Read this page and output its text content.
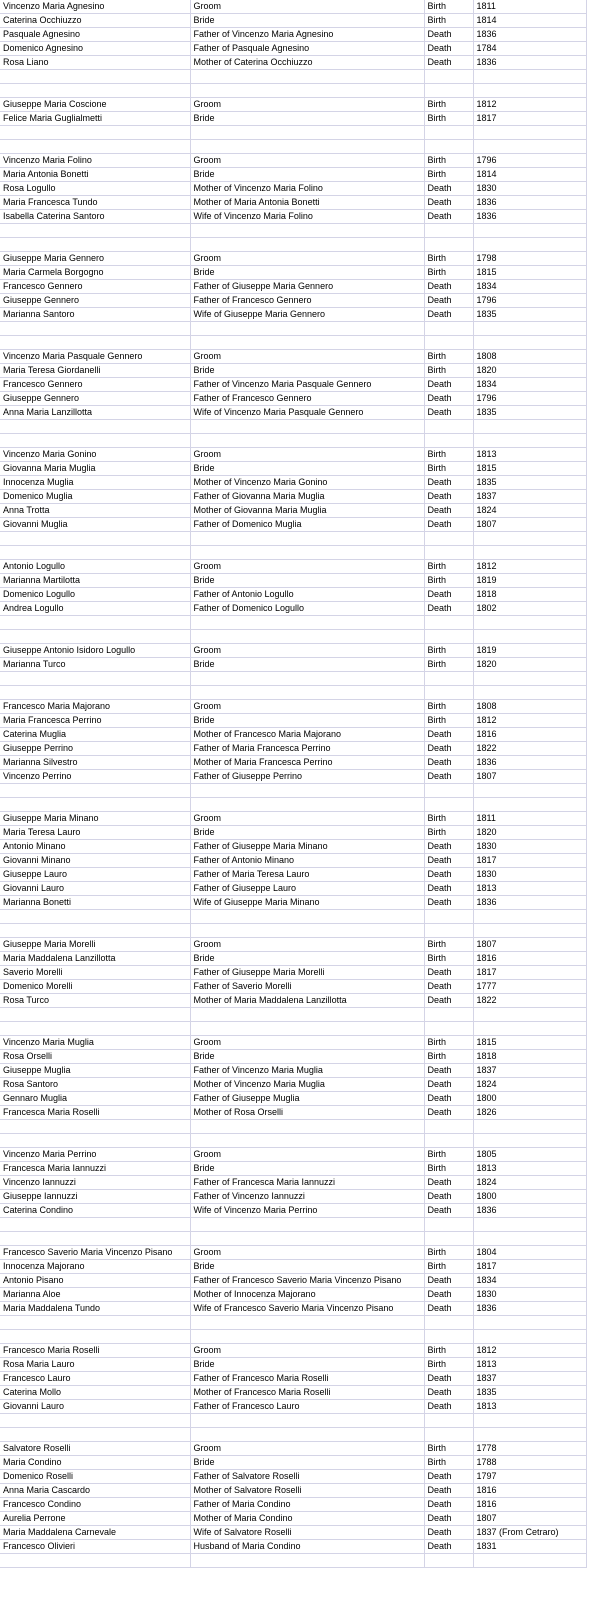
Vincenzo Maria Agnesino	Groom	Birth	1811
Caterina Occhiuzzo	Bride	Birth	1814
Pasquale Agnesino	Father of Vincenzo Maria Agnesino	Death	1836
Domenico Agnesino	Father of Pasquale Agnesino	Death	1784
Rosa Liano	Mother of Caterina Occhiuzzo	Death	1836

Giuseppe Maria Coscione	Groom	Birth	1812
Felice Maria Guglialmetti	Bride	Birth	1817

Vincenzo Maria Folino	Groom	Birth	1796
Maria Antonia Bonetti	Bride	Birth	1814
Rosa Logullo	Mother of Vincenzo Maria Folino	Death	1830
Maria Francesca Tundo	Mother of Maria Antonia Bonetti	Death	1836
Isabella Caterina Santoro	Wife of Vincenzo Maria Folino	Death	1836

Giuseppe Maria Gennero	Groom	Birth	1798
Maria Carmela Borgogno	Bride	Birth	1815
Francesco Gennero	Father of Giuseppe Maria Gennero	Death	1834
Giuseppe Gennero	Father of Francesco Gennero	Death	1796
Marianna Santoro	Wife of Giuseppe Maria Gennero	Death	1835

Vincenzo Maria Pasquale Gennero	Groom	Birth	1808
Maria Teresa Giordanelli	Bride	Birth	1820
Francesco Gennero	Father of Vincenzo Maria Pasquale Gennero	Death	1834
Giuseppe Gennero	Father of Francesco Gennero	Death	1796
Anna Maria Lanzillotta	Wife of Vincenzo Maria Pasquale Gennero	Death	1835

Vincenzo Maria Gonino	Groom	Birth	1813
Giovanna Maria Muglia	Bride	Birth	1815
Innocenza Muglia	Mother of Vincenzo Maria Gonino	Death	1835
Domenico Muglia	Father of Giovanna Maria Muglia	Death	1837
Anna Trotta	Mother of Giovanna Maria Muglia	Death	1824
Giovanni Muglia	Father of Domenico Muglia	Death	1807

Antonio Logullo	Groom	Birth	1812
Marianna Martilotta	Bride	Birth	1819
Domenico Logullo	Father of Antonio Logullo	Death	1818
Andrea Logullo	Father of Domenico Logullo	Death	1802

Giuseppe Antonio Isidoro Logullo	Groom	Birth	1819
Marianna Turco	Bride	Birth	1820

Francesco Maria Majorano	Groom	Birth	1808
Maria Francesca Perrino	Bride	Birth	1812
Caterina Muglia	Mother of Francesco Maria Majorano	Death	1816
Giuseppe Perrino	Father of Maria Francesca Perrino	Death	1822
Marianna Silvestro	Mother of Maria Francesca Perrino	Death	1836
Vincenzo Perrino	Father of Giuseppe Perrino	Death	1807

Giuseppe Maria Minano	Groom	Birth	1811
Maria Teresa Lauro	Bride	Birth	1820
Antonio Minano	Father of Giuseppe Maria Minano	Death	1830
Giovanni Minano	Father of Antonio Minano	Death	1817
Giuseppe Lauro	Father of Maria Teresa Lauro	Death	1830
Giovanni Lauro	Father of Giuseppe Lauro	Death	1813
Marianna Bonetti	Wife of Giuseppe Maria Minano	Death	1836

Giuseppe Maria Morelli	Groom	Birth	1807
Maria Maddalena Lanzillotta	Bride	Birth	1816
Saverio Morelli	Father of Giuseppe Maria Morelli	Death	1817
Domenico Morelli	Father of Saverio Morelli	Death	1777
Rosa Turco	Mother of Maria Maddalena Lanzillotta	Death	1822

Vincenzo Maria Muglia	Groom	Birth	1815
Rosa Orselli	Bride	Birth	1818
Giuseppe Muglia	Father of Vincenzo Maria Muglia	Death	1837
Rosa Santoro	Mother of Vincenzo Maria Muglia	Death	1824
Gennaro Muglia	Father of Giuseppe Muglia	Death	1800
Francesca Maria Roselli	Mother of Rosa Orselli	Death	1826

Vincenzo Maria Perrino	Groom	Birth	1805
Francesca Maria Iannuzzi	Bride	Birth	1813
Vincenzo Iannuzzi	Father of Francesca Maria Iannuzzi	Death	1824
Giuseppe Iannuzzi	Father of Vincenzo Iannuzzi	Death	1800
Caterina Condino	Wife of Vincenzo Maria Perrino	Death	1836

Francesco Saverio Maria Vincenzo Pisano	Groom	Birth	1804
Innocenza Majorano	Bride	Birth	1817
Antonio Pisano	Father of Francesco Saverio Maria Vincenzo Pisano	Death	1834
Marianna Aloe	Mother of Innocenza Majorano	Death	1830
Maria Maddalena Tundo	Wife of Francesco Saverio Maria Vincenzo Pisano	Death	1836

Francesco Maria Roselli	Groom	Birth	1812
Rosa Maria Lauro	Bride	Birth	1813
Francesco Lauro	Father of Francesco Maria Roselli	Death	1837
Caterina Mollo	Mother of Francesco Maria Roselli	Death	1835
Giovanni Lauro	Father of Francesco Lauro	Death	1813

Salvatore Roselli	Groom	Birth	1778
Maria Condino	Bride	Birth	1788
Domenico Roselli	Father of Salvatore Roselli	Death	1797
Anna Maria Cascardo	Mother of Salvatore Roselli	Death	1816
Francesco Condino	Father of Maria Condino	Death	1816
Aurelia Perrone	Mother of Maria Condino	Death	1807
Maria Maddalena Carnevale	Wife of Salvatore Roselli	Death	1837 (From Cetraro)
Francesco Olivieri	Husband of Maria Condino	Death	1831
